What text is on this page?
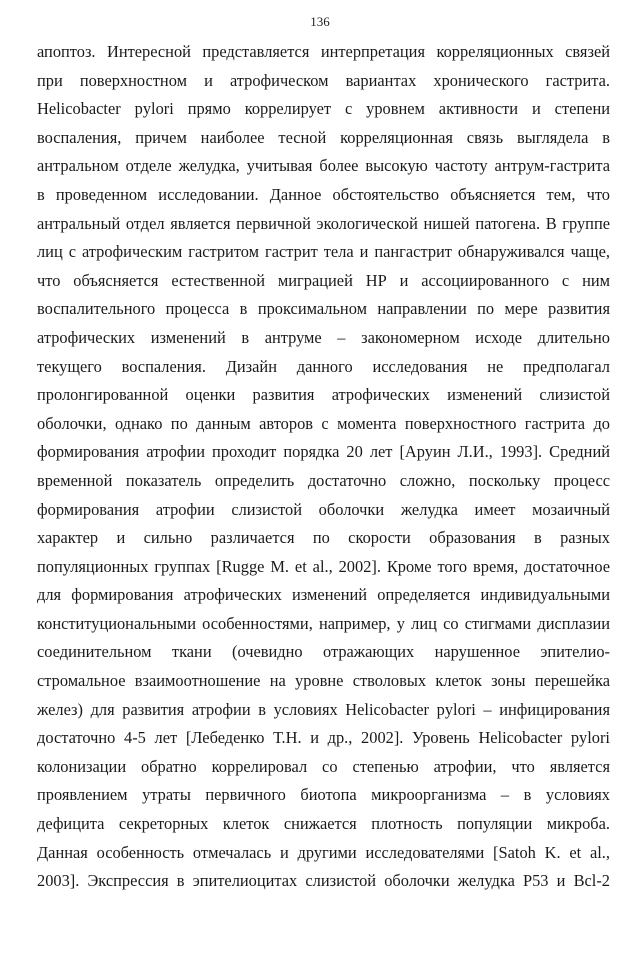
136
апоптоз. Интересной представляется интерпретация корреляционных связей
при поверхностном и атрофическом вариантах хронического гастрита.
Helicobacter pylori прямо коррелирует с уровнем активности и степени
воспаления, причем наиболее тесной корреляционная связь выглядела в
антральном отделе желудка, учитывая более высокую частоту антрум-гастрита
в проведенном исследовании. Данное обстоятельство объясняется тем, что
антральный отдел является первичной экологической нишей патогена. В группе
лиц с атрофическим гастритом гастрит тела и пангастрит обнаруживался чаще,
что объясняется естественной миграцией НР и ассоциированного с ним
воспалительного процесса в проксимальном направлении по мере развития
атрофических изменений в антруме – закономерном исходе длительно
текущего воспаления. Дизайн данного исследования не предполагал
пролонгированной оценки развития атрофических изменений слизистой
оболочки, однако по данным авторов с момента поверхностного гастрита до
формирования атрофии проходит порядка 20 лет [Аруин Л.И., 1993]. Средний
временной показатель определить достаточно сложно, поскольку процесс
формирования атрофии слизистой оболочки желудка имеет мозаичный
характер и сильно различается по скорости образования в разных
популяционных группах [Rugge M. et al., 2002]. Кроме того время, достаточное
для формирования атрофических изменений определяется индивидуальными
конституциональными особенностями, например, у лиц со стигмами дисплазии
соединительном ткани (очевидно отражающих нарушенное эпителио-
стромальное взаимоотношение на уровне стволовых клеток зоны перешейка
желез) для развития атрофии в условиях Helicobacter pylori – инфицирования
достаточно 4-5 лет [Лебеденко Т.Н. и др., 2002]. Уровень Helicobacter pylori
колонизации обратно коррелировал со степенью атрофии, что является
проявлением утраты первичного биотопа микроорганизма – в условиях
дефицита секреторных клеток снижается плотность популяции микроба.
Данная особенность отмечалась и другими исследователями [Satoh K. et al.,
2003]. Экспрессия в эпителиоцитах слизистой оболочки желудка P53 и Bcl-2
